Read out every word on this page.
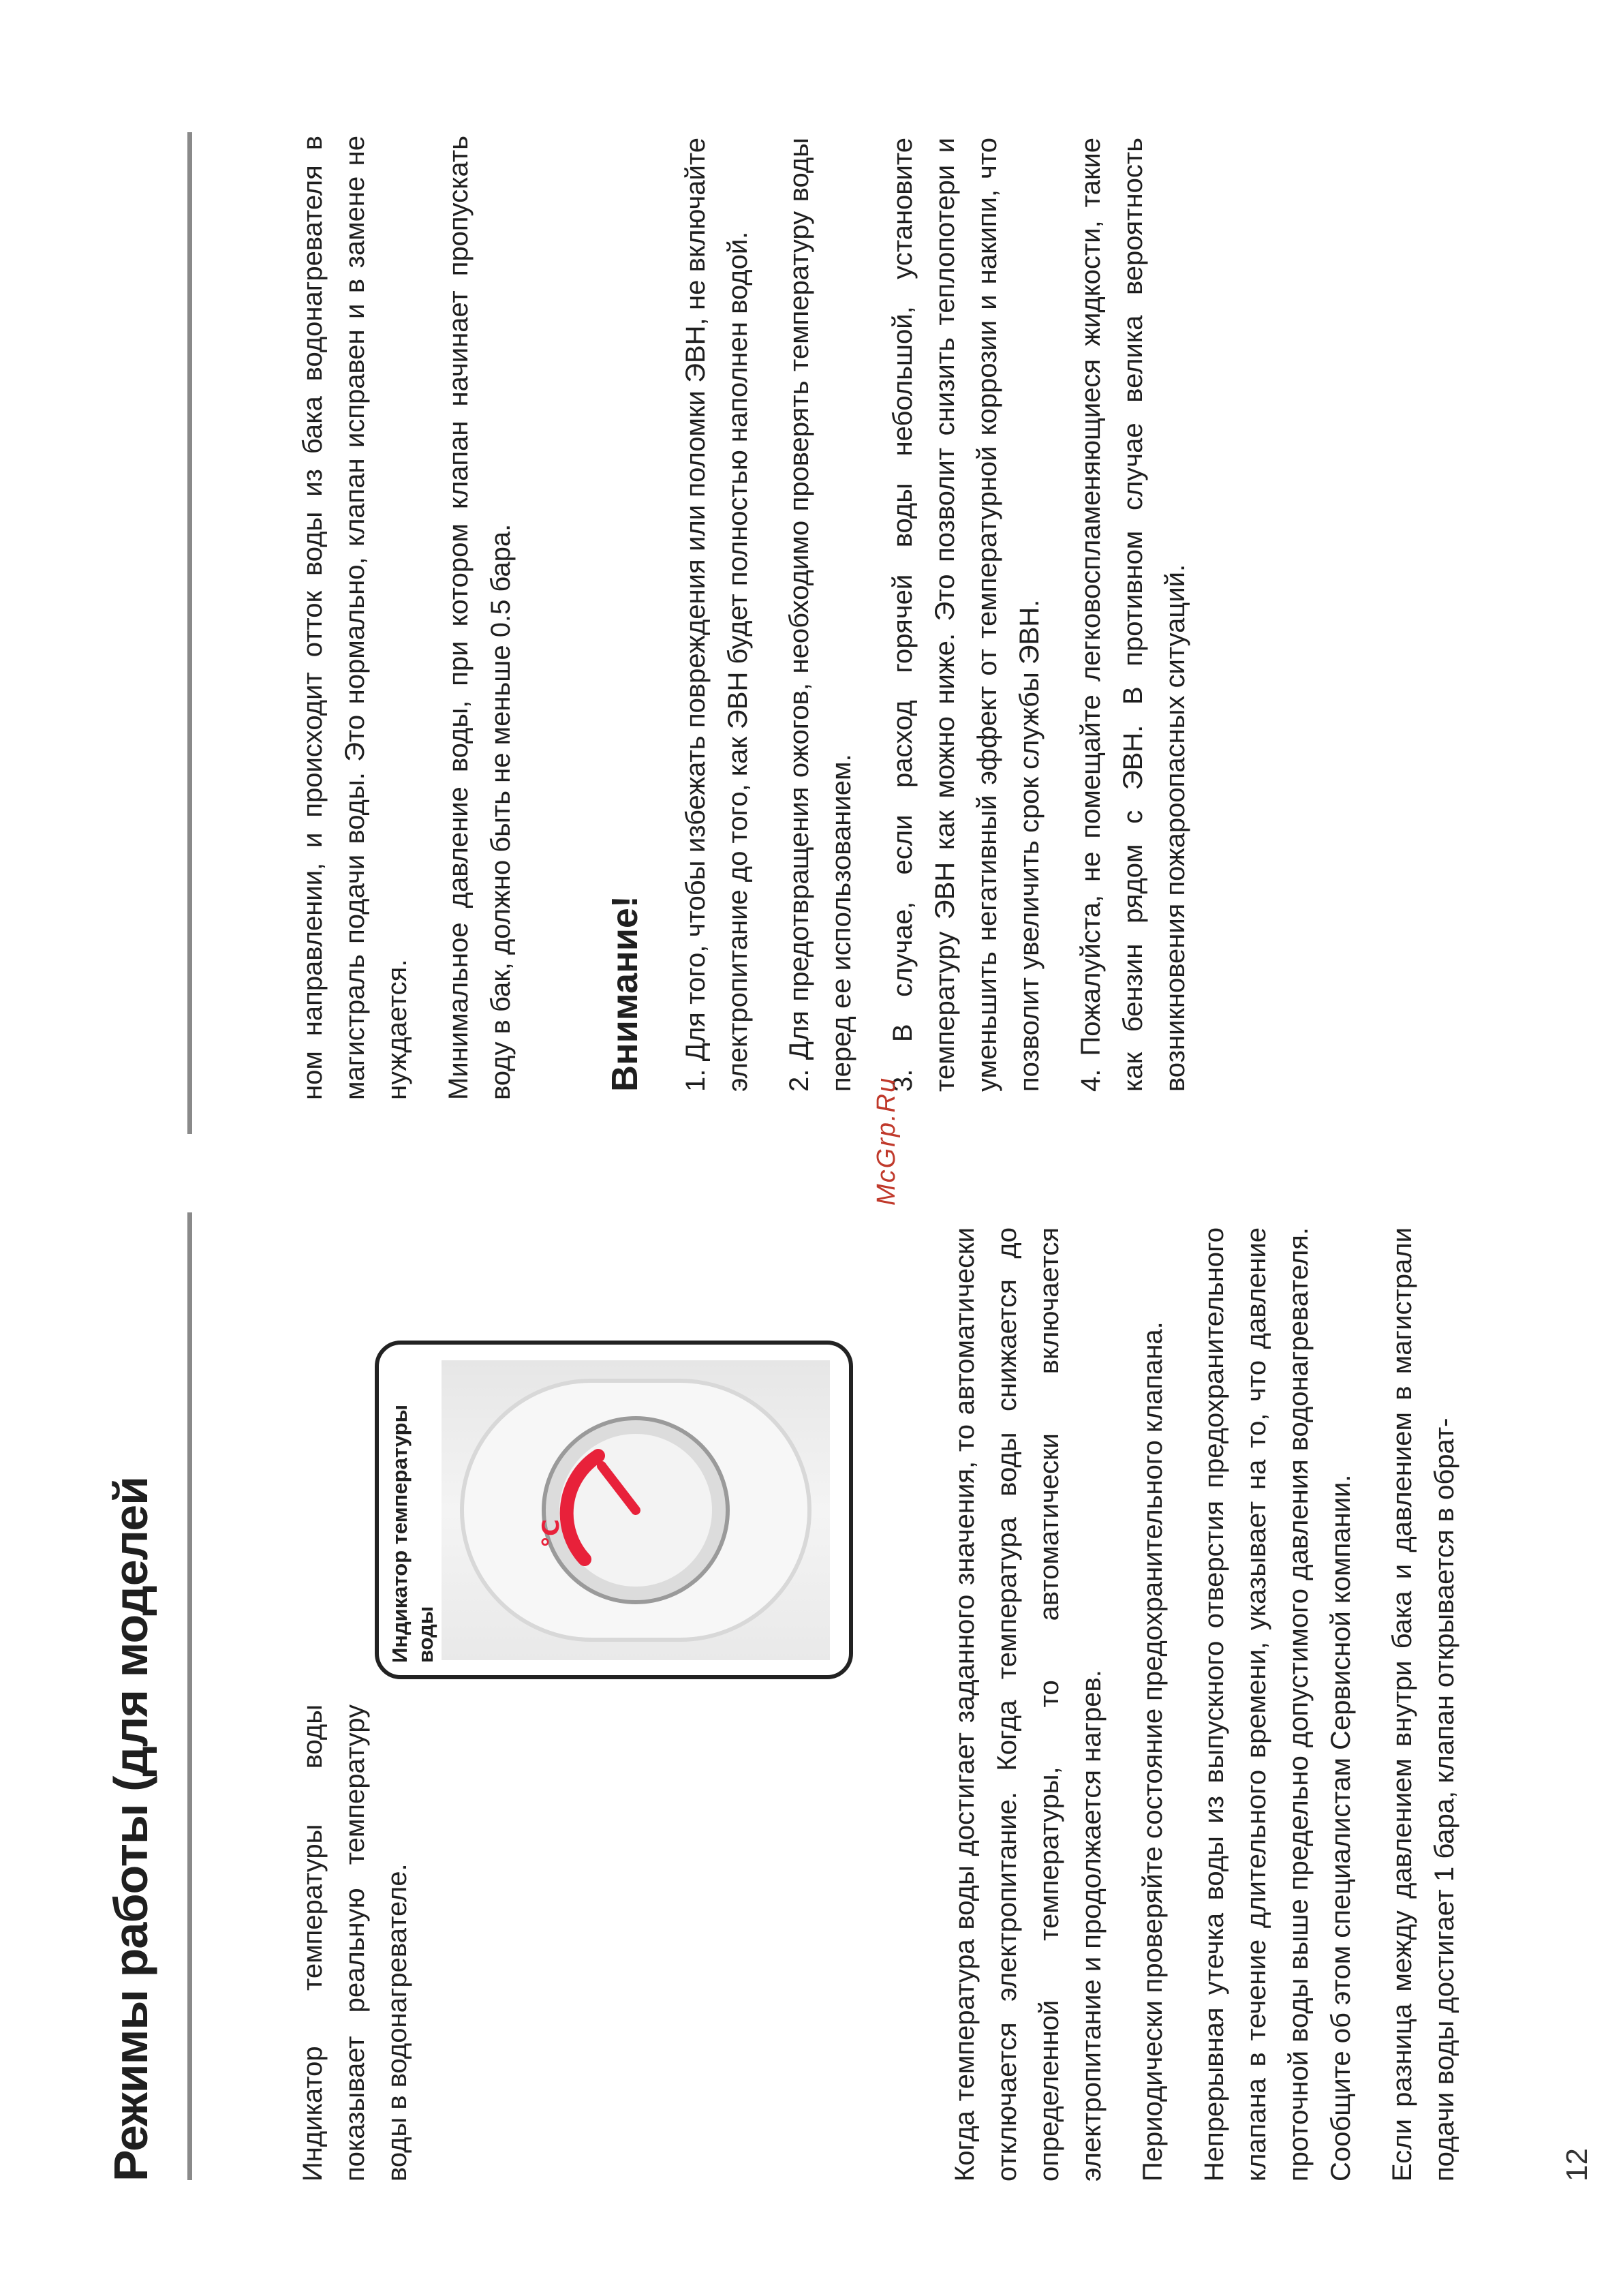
Режимы работы (для моделей	Индикатор температуры воды показывает реальную температуру воды в водонагревателе.

Индикатор температуры воды
°C	Когда температура воды достигает заданного значения, то автоматически отключается электропитание. Когда температура воды снижается до определенной температуры, то автоматически включается электропитание и продолжается нагрев. Периодически проверяйте состояние предохранительного клапана. Непрерывная утечка воды из выпускного отверстия предохранительного клапана в течение длительного времени, указывает на то, что давление проточной воды выше предельно допустимого давления водонагревателя. Сообщите об этом специалистам Сервисной компании. Если разница между давлением внутри бака и давлением в магистрали подачи воды достигает 1 бара, клапан открывается в обрат-

ном направлении, и происходит отток воды из бака водонагревателя в магистраль подачи воды. Это нормально, клапан исправен и в замене не нуждается. Минимальное давление воды, при котором клапан начинает пропускать воду в бак, должно быть не меньше 0.5 бара. Внимание! 1. Для того, чтобы избежать повреждения или поломки ЭВН, не включайте электропитание до того, как ЭВН будет полностью наполнен водой. 2. Для предотвращения ожогов, необходимо проверять температуру воды перед ее использованием. 3. В случае, если расход горячей воды небольшой, установите температуру ЭВН как можно ниже. Это позволит снизить теплопотери и уменьшить негативный эффект от температурной коррозии и накипи, что позволит увеличить срок службы ЭВН. 4. Пожалуйста, не помещайте легковоспламеняющиеся жидкости, такие как бензин рядом с ЭВН. В противном случае велика вероятность возникновения пожароопасных ситуаций.

McGrp.Ru
12
